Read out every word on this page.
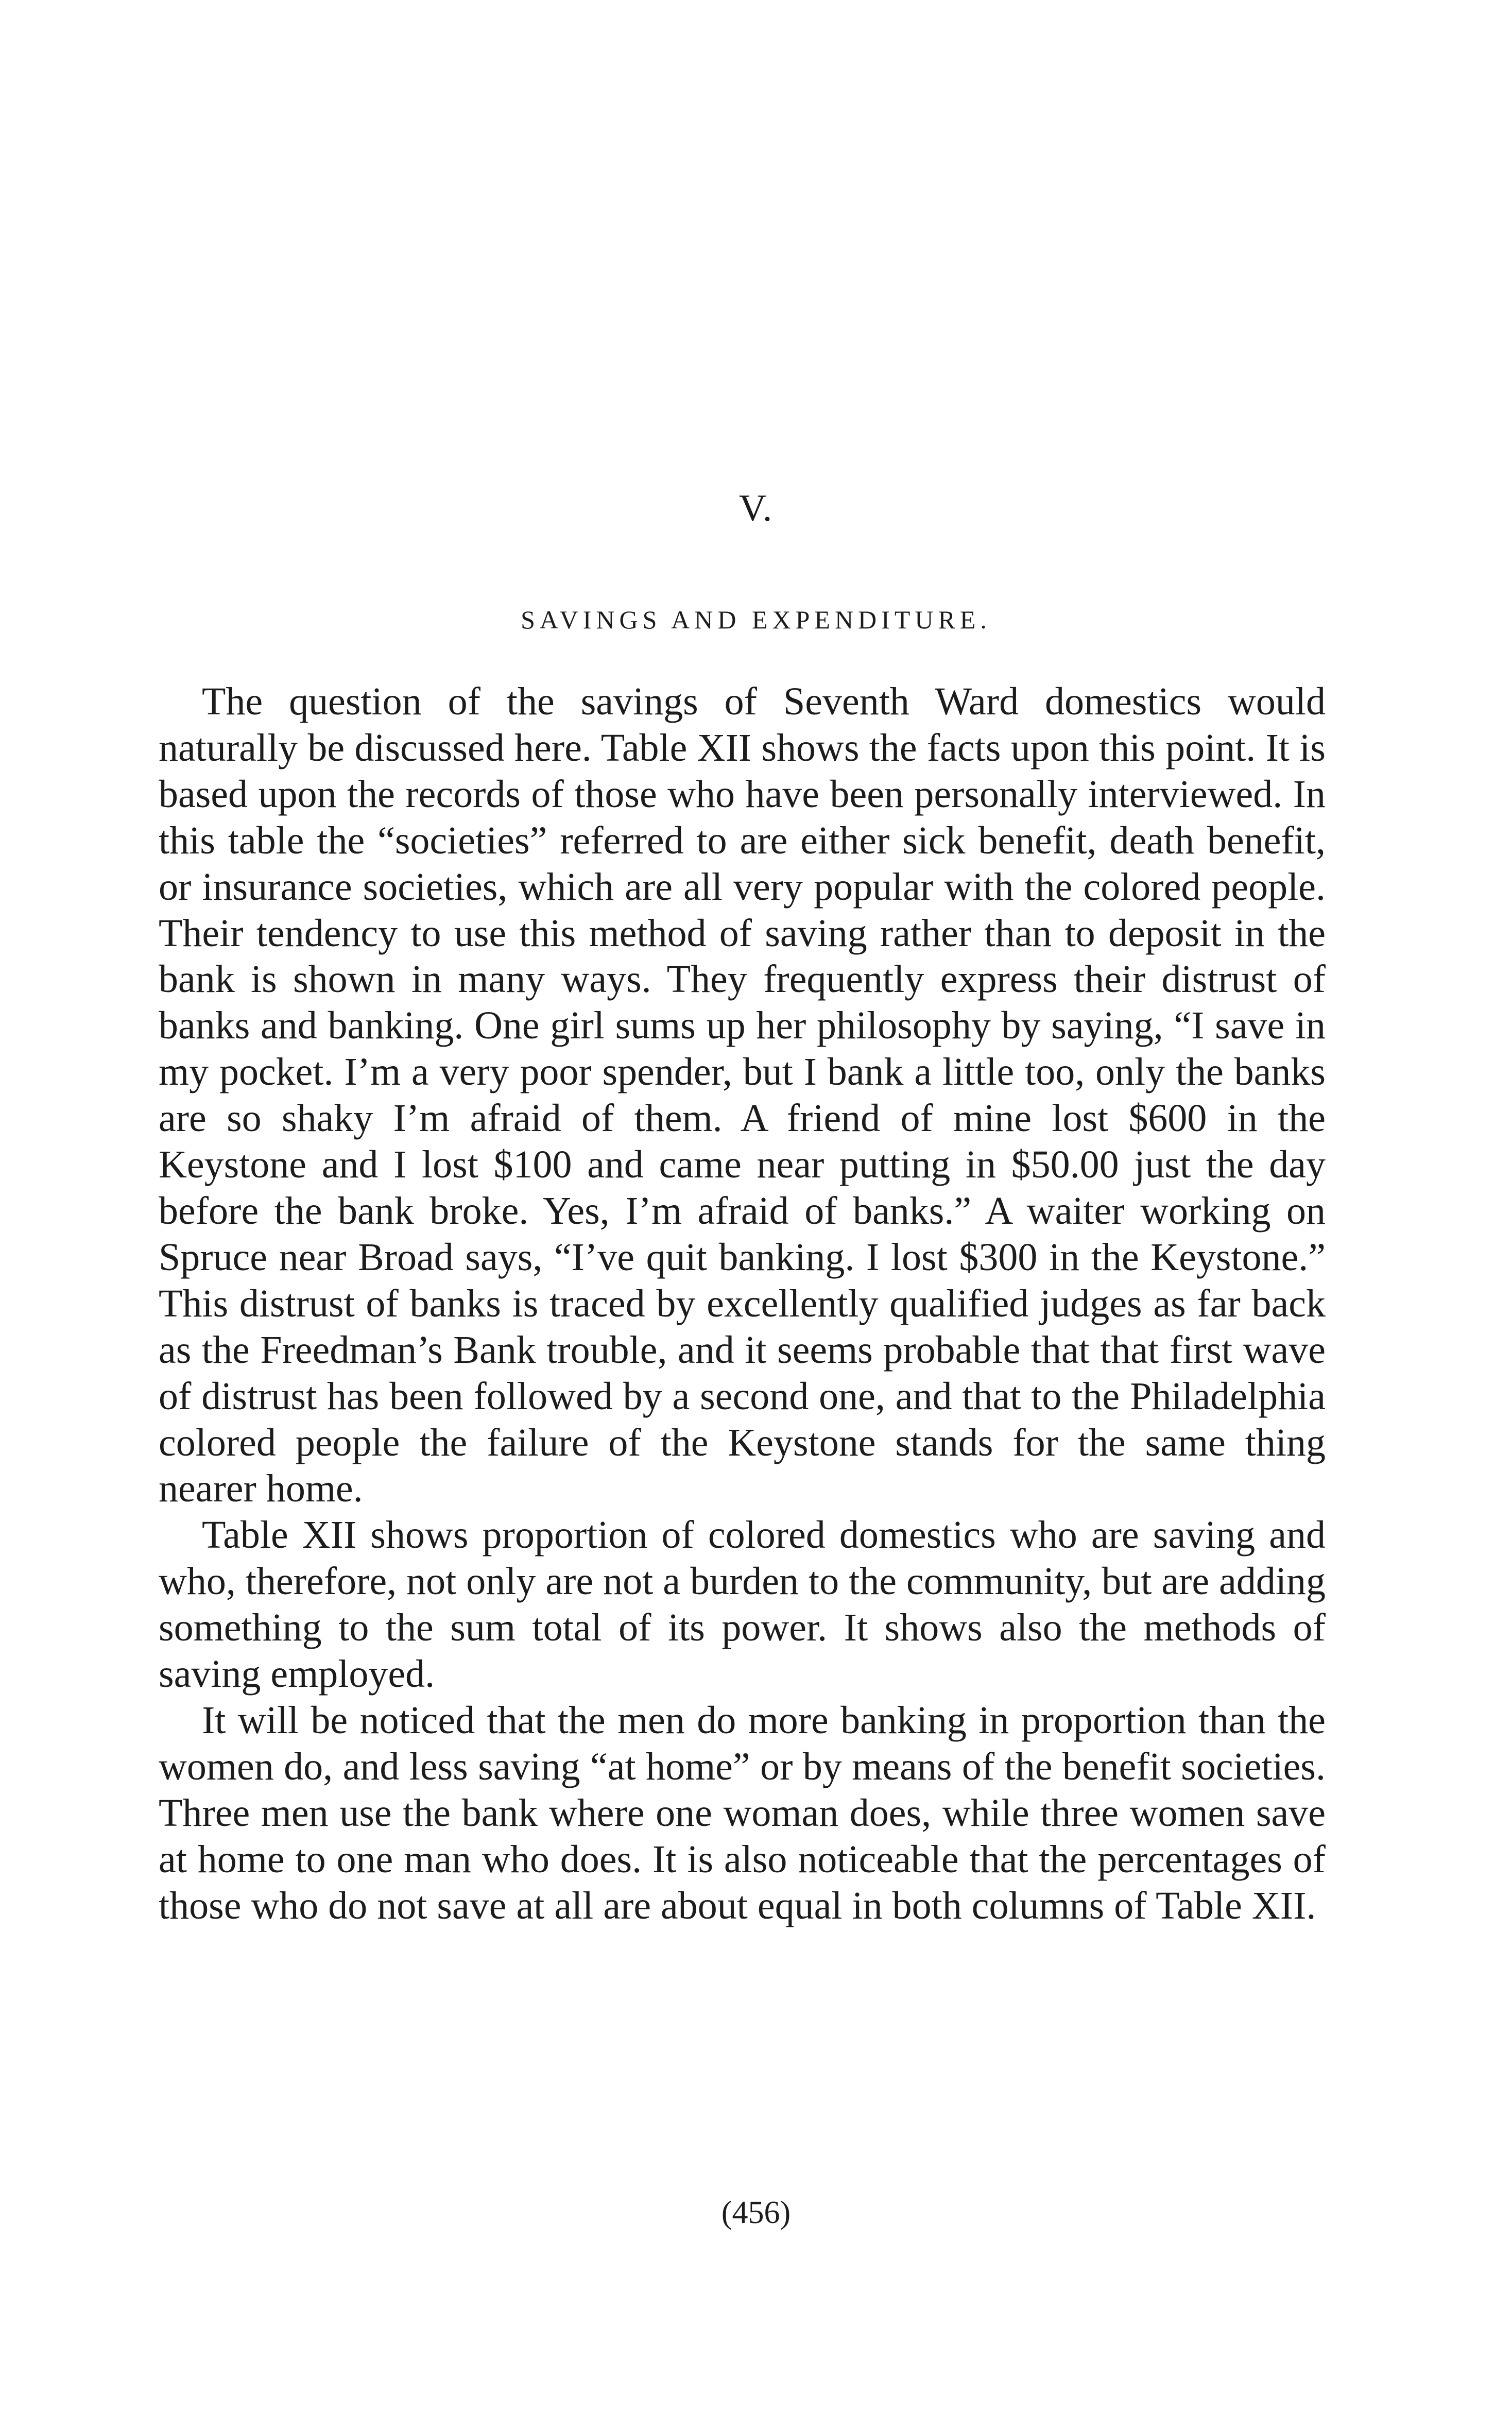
V.
SAVINGS AND EXPENDITURE.

The question of the savings of Seventh Ward domestics would naturally be discussed here. Table XII shows the facts upon this point. It is based upon the records of those who have been personally interviewed. In this table the “societies” referred to are either sick benefit, death benefit, or insurance societies, which are all very popular with the colored people. Their tendency to use this method of saving rather than to deposit in the bank is shown in many ways. They frequently express their distrust of banks and banking. One girl sums up her philosophy by saying, “I save in my pocket. I’m a very poor spender, but I bank a little too, only the banks are so shaky I’m afraid of them. A friend of mine lost $600 in the Keystone and I lost $100 and came near putting in $50.00 just the day before the bank broke. Yes, I’m afraid of banks.” A waiter working on Spruce near Broad says, “I’ve quit banking. I lost $300 in the Keystone.” This distrust of banks is traced by excellently qualified judges as far back as the Freedman’s Bank trouble, and it seems probable that that first wave of distrust has been followed by a second one, and that to the Philadelphia colored people the failure of the Keystone stands for the same thing nearer home.

Table XII shows proportion of colored domestics who are saving and who, therefore, not only are not a burden to the community, but are adding something to the sum total of its power. It shows also the methods of saving employed.

It will be noticed that the men do more banking in proportion than the women do, and less saving “at home” or by means of the benefit societies. Three men use the bank where one woman does, while three women save at home to one man who does. It is also noticeable that the percentages of those who do not save at all are about equal in both columns of Table XII.

(456)
